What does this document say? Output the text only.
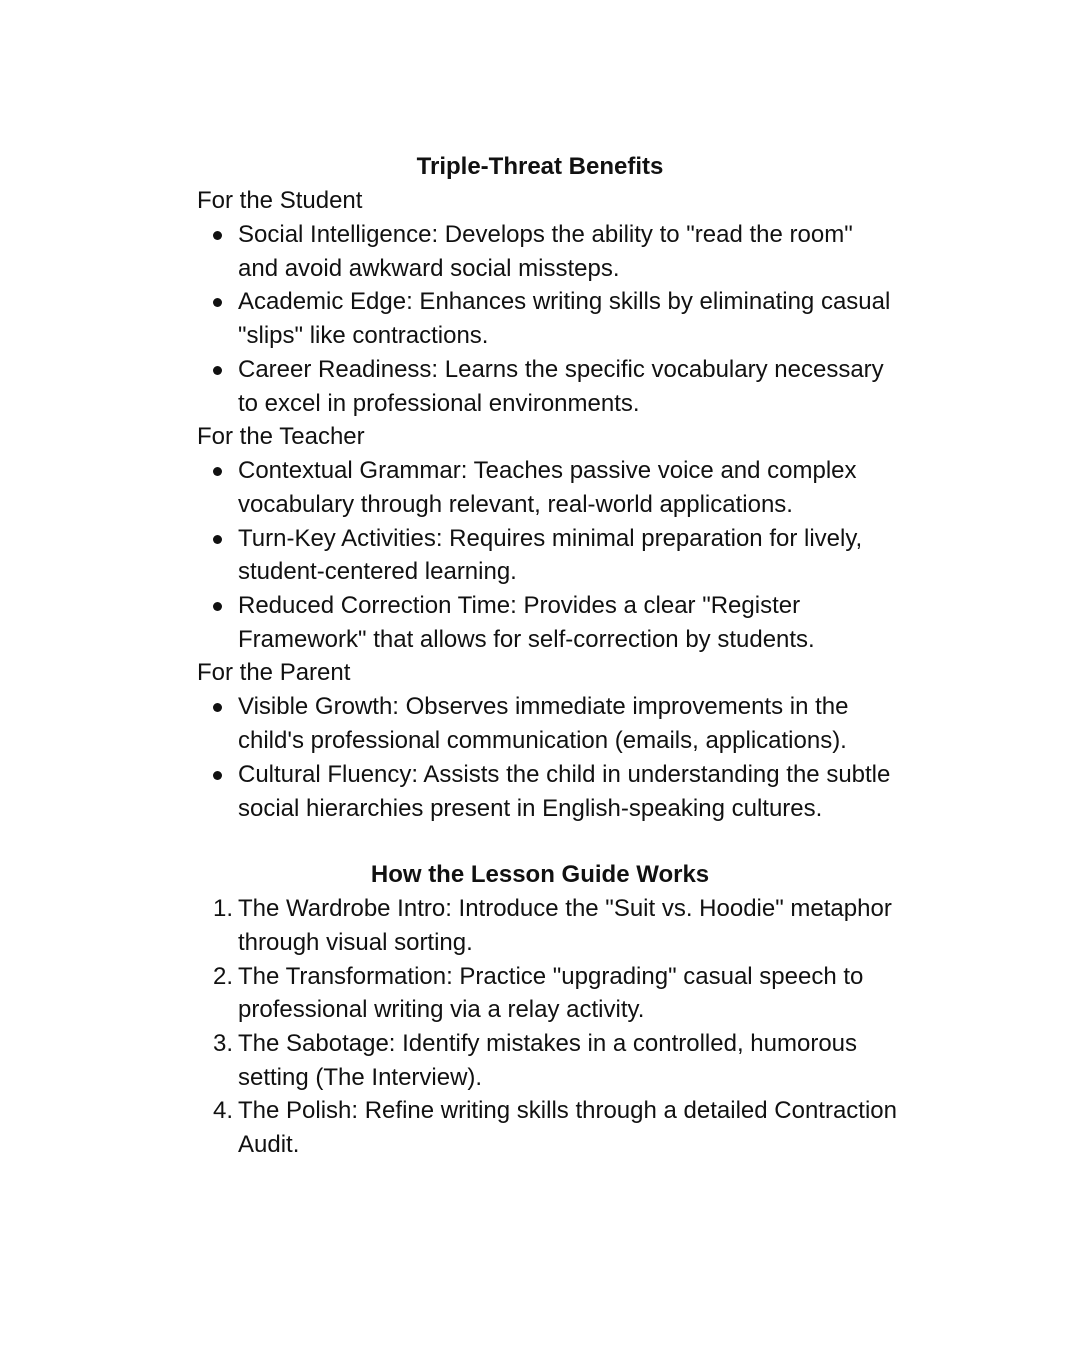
Triple-Threat Benefits

For the Student

Social Intelligence: Develops the ability to "read the room" and avoid awkward social missteps.
Academic Edge: Enhances writing skills by eliminating casual "slips" like contractions.
Career Readiness: Learns the specific vocabulary necessary to excel in professional environments.

For the Teacher

Contextual Grammar: Teaches passive voice and complex vocabulary through relevant, real-world applications.
Turn-Key Activities: Requires minimal preparation for lively, student-centered learning.
Reduced Correction Time: Provides a clear "Register Framework" that allows for self-correction by students.

For the Parent

Visible Growth: Observes immediate improvements in the child's professional communication (emails, applications).
Cultural Fluency: Assists the child in understanding the subtle social hierarchies present in English-speaking cultures.
How the Lesson Guide Works
1. The Wardrobe Intro: Introduce the "Suit vs. Hoodie" metaphor through visual sorting.
2. The Transformation: Practice "upgrading" casual speech to professional writing via a relay activity.
3. The Sabotage: Identify mistakes in a controlled, humorous setting (The Interview).
4. The Polish: Refine writing skills through a detailed Contraction Audit.
